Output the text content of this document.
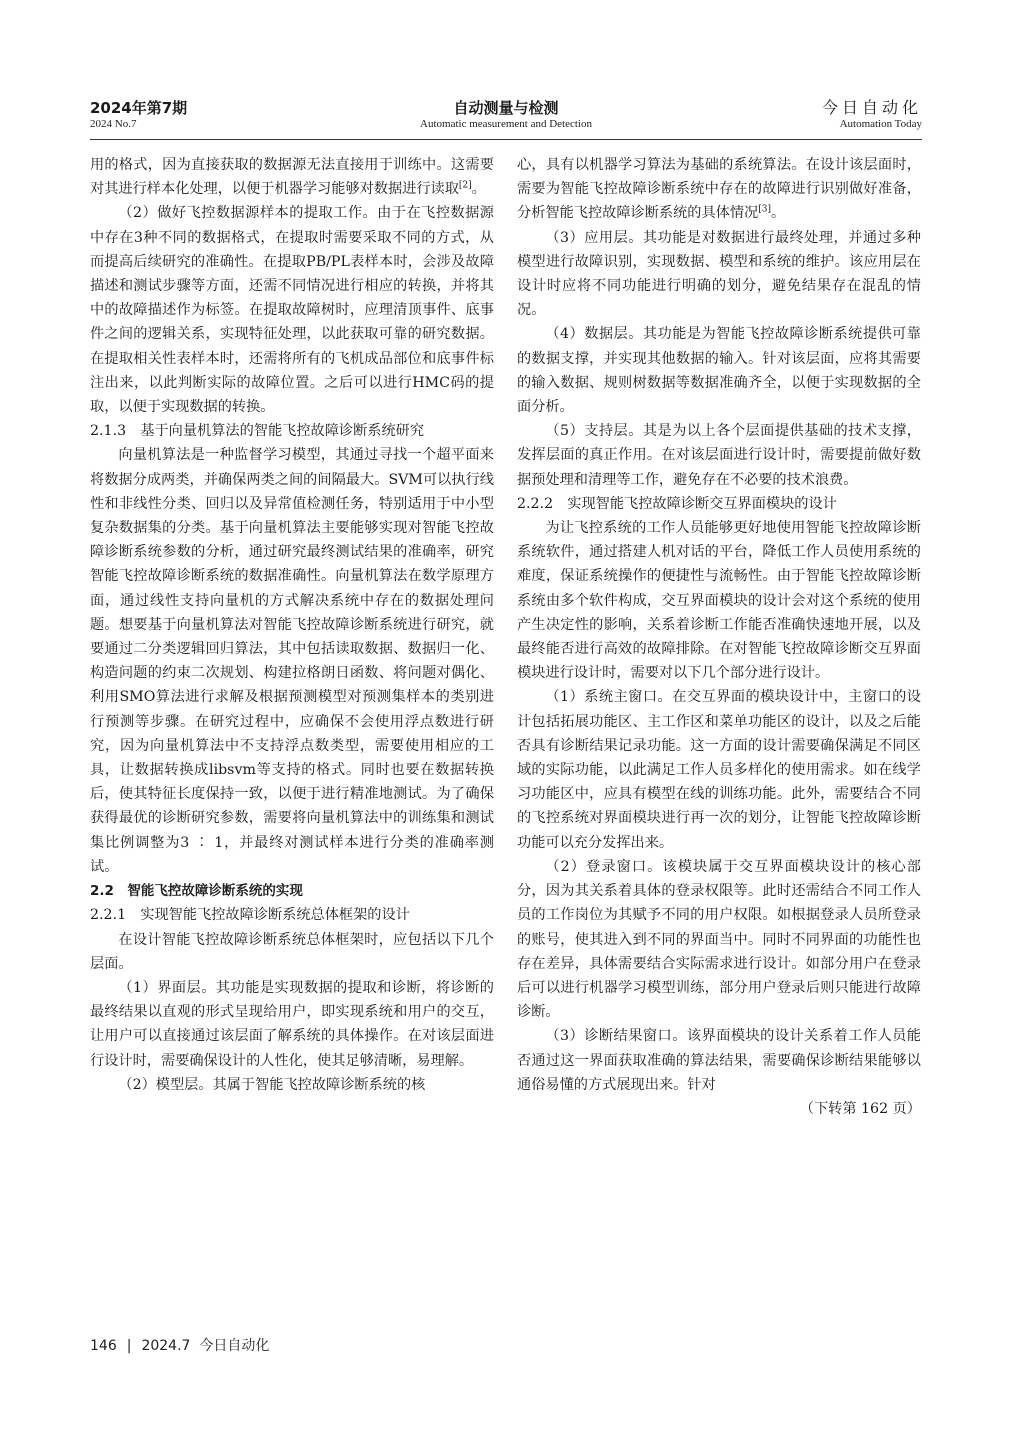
2024年第7期
2024 No.7
自动测量与检测
Automatic measurement and Detection
今日自动化
Automation Today

用的格式，因为直接获取的数据源无法直接用于训练中。这需要对其进行样本化处理，以便于机器学习能够对数据进行读取[2]。

（2）做好飞控数据源样本的提取工作。由于在飞控数据源中存在3种不同的数据格式，在提取时需要采取不同的方式，从而提高后续研究的准确性。在提取PB/PL表样本时，会涉及故障描述和测试步骤等方面，还需不同情况进行相应的转换，并将其中的故障描述作为标签。在提取故障树时，应理清顶事件、底事件之间的逻辑关系，实现特征处理，以此获取可靠的研究数据。在提取相关性表样本时，还需将所有的飞机成品部位和底事件标注出来，以此判断实际的故障位置。之后可以进行HMC码的提取，以便于实现数据的转换。

2.1.3　基于向量机算法的智能飞控故障诊断系统研究

向量机算法是一种监督学习模型，其通过寻找一个超平面来将数据分成两类，并确保两类之间的间隔最大。SVM可以执行线性和非线性分类、回归以及异常值检测任务，特别适用于中小型复杂数据集的分类。基于向量机算法主要能够实现对智能飞控故障诊断系统参数的分析，通过研究最终测试结果的准确率，研究智能飞控故障诊断系统的数据准确性。向量机算法在数学原理方面，通过线性支持向量机的方式解决系统中存在的数据处理问题。想要基于向量机算法对智能飞控故障诊断系统进行研究，就要通过二分类逻辑回归算法，其中包括读取数据、数据归一化、构造问题的约束二次规划、构建拉格朗日函数、将问题对偶化、利用SMO算法进行求解及根据预测模型对预测集样本的类别进行预测等步骤。在研究过程中，应确保不会使用浮点数进行研究，因为向量机算法中不支持浮点数类型，需要使用相应的工具，让数据转换成libsvm等支持的格式。同时也要在数据转换后，使其特征长度保持一致，以便于进行精准地测试。为了确保获得最优的诊断研究参数，需要将向量机算法中的训练集和测试集比例调整为3 ∶ 1，并最终对测试样本进行分类的准确率测试。

2.2　智能飞控故障诊断系统的实现

2.2.1　实现智能飞控故障诊断系统总体框架的设计

在设计智能飞控故障诊断系统总体框架时，应包括以下几个层面。

（1）界面层。其功能是实现数据的提取和诊断，将诊断的最终结果以直观的形式呈现给用户，即实现系统和用户的交互，让用户可以直接通过该层面了解系统的具体操作。在对该层面进行设计时，需要确保设计的人性化，使其足够清晰，易理解。

（2）模型层。其属于智能飞控故障诊断系统的核

心，具有以机器学习算法为基础的系统算法。在设计该层面时，需要为智能飞控故障诊断系统中存在的故障进行识别做好准备，分析智能飞控故障诊断系统的具体情况[3]。

（3）应用层。其功能是对数据进行最终处理，并通过多种模型进行故障识别，实现数据、模型和系统的维护。该应用层在设计时应将不同功能进行明确的划分，避免结果存在混乱的情况。

（4）数据层。其功能是为智能飞控故障诊断系统提供可靠的数据支撑，并实现其他数据的输入。针对该层面，应将其需要的输入数据、规则树数据等数据准确齐全，以便于实现数据的全面分析。

（5）支持层。其是为以上各个层面提供基础的技术支撑，发挥层面的真正作用。在对该层面进行设计时，需要提前做好数据预处理和清理等工作，避免存在不必要的技术浪费。

2.2.2　实现智能飞控故障诊断交互界面模块的设计

为让飞控系统的工作人员能够更好地使用智能飞控故障诊断系统软件，通过搭建人机对话的平台，降低工作人员使用系统的难度，保证系统操作的便捷性与流畅性。由于智能飞控故障诊断系统由多个软件构成，交互界面模块的设计会对这个系统的使用产生决定性的影响，关系着诊断工作能否准确快速地开展，以及最终能否进行高效的故障排除。在对智能飞控故障诊断交互界面模块进行设计时，需要对以下几个部分进行设计。

（1）系统主窗口。在交互界面的模块设计中，主窗口的设计包括拓展功能区、主工作区和菜单功能区的设计，以及之后能否具有诊断结果记录功能。这一方面的设计需要确保满足不同区域的实际功能，以此满足工作人员多样化的使用需求。如在线学习功能区中，应具有模型在线的训练功能。此外，需要结合不同的飞控系统对界面模块进行再一次的划分，让智能飞控故障诊断功能可以充分发挥出来。

（2）登录窗口。该模块属于交互界面模块设计的核心部分，因为其关系着具体的登录权限等。此时还需结合不同工作人员的工作岗位为其赋予不同的用户权限。如根据登录人员所登录的账号，使其进入到不同的界面当中。同时不同界面的功能性也存在差异，具体需要结合实际需求进行设计。如部分用户在登录后可以进行机器学习模型训练，部分用户登录后则只能进行故障诊断。

（3）诊断结果窗口。该界面模块的设计关系着工作人员能否通过这一界面获取准确的算法结果，需要确保诊断结果能够以通俗易懂的方式展现出来。针对

（下转第 162 页）

146 | 2024.7 今日自动化
